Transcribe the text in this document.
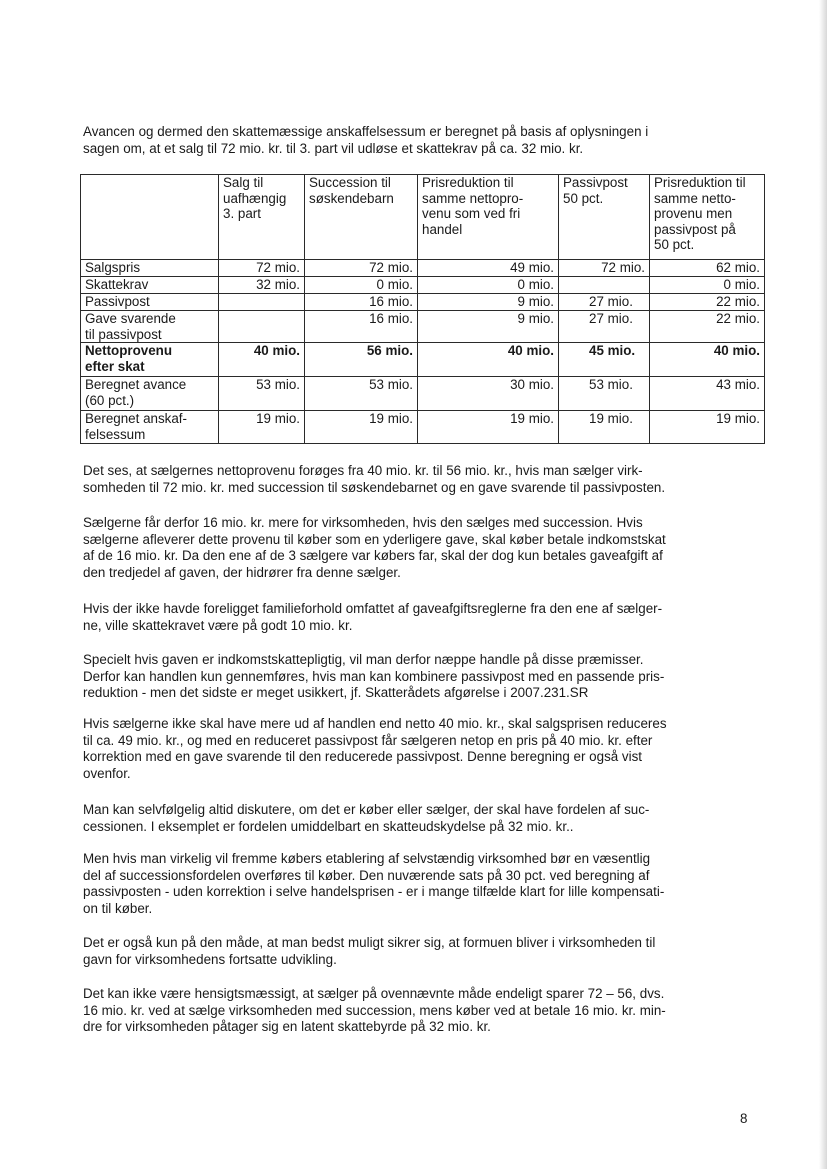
Avancen og dermed den skattemæssige anskaffelsessum er beregnet på basis af oplysningen i
sagen om, at et salg til 72 mio. kr. til 3. part vil udløse et skattekrav på ca. 32 mio. kr.

	Salg til
uafhængig
3. part	Succession til
søskendebarn	Prisreduktion til
samme nettopro-
venu som ved fri
handel	Passivpost
50 pct.	Prisreduktion til
samme netto-
provenu men
passivpost på
50 pct.
Salgspris	72 mio.	72 mio.	49 mio.	72 mio.	62 mio.
Skattekrav	32 mio.	0 mio.	0 mio.		0 mio.
Passivpost		16 mio.	9 mio.	27 mio.	22 mio.
Gave svarende
til passivpost		16 mio.	9 mio.	27 mio.	22 mio.
Nettoprovenu
efter skat	40 mio.	56 mio.	40 mio.	45 mio.	40 mio.
Beregnet avance
(60 pct.)	53 mio.	53 mio.	30 mio.	53 mio.	43 mio.
Beregnet anskaf-
felsessum	19 mio.	19 mio.	19 mio.	19 mio.	19 mio.

Det ses, at sælgernes nettoprovenu forøges fra 40 mio. kr. til 56 mio. kr., hvis man sælger virk-
somheden til 72 mio. kr. med succession til søskendebarnet og en gave svarende til passivposten.

Sælgerne får derfor 16 mio. kr. mere for virksomheden, hvis den sælges med succession. Hvis
sælgerne afleverer dette provenu til køber som en yderligere gave, skal køber betale indkomstskat
af de 16 mio. kr. Da den ene af de 3 sælgere var købers far, skal der dog kun betales gaveafgift af
den tredjedel af gaven, der hidrører fra denne sælger.

Hvis der ikke havde foreligget familieforhold omfattet af gaveafgiftsreglerne fra den ene af sælger-
ne, ville skattekravet være på godt 10 mio. kr.

Specielt hvis gaven er indkomstskattepligtig, vil man derfor næppe handle på disse præmisser.
Derfor kan handlen kun gennemføres, hvis man kan kombinere passivpost med en passende pris-
reduktion - men det sidste er meget usikkert, jf. Skatterådets afgørelse i 2007.231.SR

Hvis sælgerne ikke skal have mere ud af handlen end netto 40 mio. kr., skal salgsprisen reduceres
til ca. 49 mio. kr., og med en reduceret passivpost får sælgeren netop en pris på 40 mio. kr. efter
korrektion med en gave svarende til den reducerede passivpost. Denne beregning er også vist
ovenfor.

Man kan selvfølgelig altid diskutere, om det er køber eller sælger, der skal have fordelen af suc-
cessionen. I eksemplet er fordelen umiddelbart en skatteudskydelse på 32 mio. kr..

Men hvis man virkelig vil fremme købers etablering af selvstændig virksomhed bør en væsentlig
del af successionsfordelen overføres til køber. Den nuværende sats på 30 pct. ved beregning af
passivposten - uden korrektion i selve handelsprisen - er i mange tilfælde klart for lille kompensati-
on til køber.

Det er også kun på den måde, at man bedst muligt sikrer sig, at formuen bliver i virksomheden til
gavn for virksomhedens fortsatte udvikling.

Det kan ikke være hensigtsmæssigt, at sælger på ovennævnte måde endeligt sparer 72 – 56, dvs.
16 mio. kr. ved at sælge virksomheden med succession, mens køber ved at betale 16 mio. kr. min-
dre for virksomheden påtager sig en latent skattebyrde på 32 mio. kr.

8
